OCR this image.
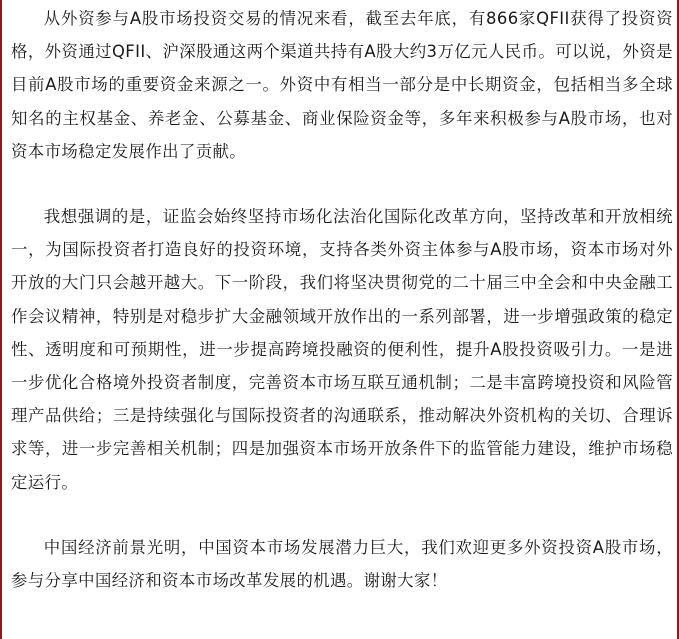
从外资参与A股市场投资交易的情况来看，截至去年底，有866家QFII获得了投资资格，外资通过QFII、沪深股通这两个渠道共持有A股大约3万亿元人民币。可以说，外资是目前A股市场的重要资金来源之一。外资中有相当一部分是中长期资金，包括相当多全球知名的主权基金、养老金、公募基金、商业保险资金等，多年来积极参与A股市场，也对资本市场稳定发展作出了贡献。

我想强调的是，证监会始终坚持市场化法治化国际化改革方向，坚持改革和开放相统一，为国际投资者打造良好的投资环境，支持各类外资主体参与A股市场，资本市场对外开放的大门只会越开越大。下一阶段，我们将坚决贯彻党的二十届三中全会和中央金融工作会议精神，特别是对稳步扩大金融领域开放作出的一系列部署，进一步增强政策的稳定性、透明度和可预期性，进一步提高跨境投融资的便利性，提升A股投资吸引力。一是进一步优化合格境外投资者制度，完善资本市场互联互通机制；二是丰富跨境投资和风险管理产品供给；三是持续强化与国际投资者的沟通联系，推动解决外资机构的关切、合理诉求等，进一步完善相关机制；四是加强资本市场开放条件下的监管能力建设，维护市场稳定运行。

中国经济前景光明，中国资本市场发展潜力巨大，我们欢迎更多外资投资A股市场，参与分享中国经济和资本市场改革发展的机遇。谢谢大家！
